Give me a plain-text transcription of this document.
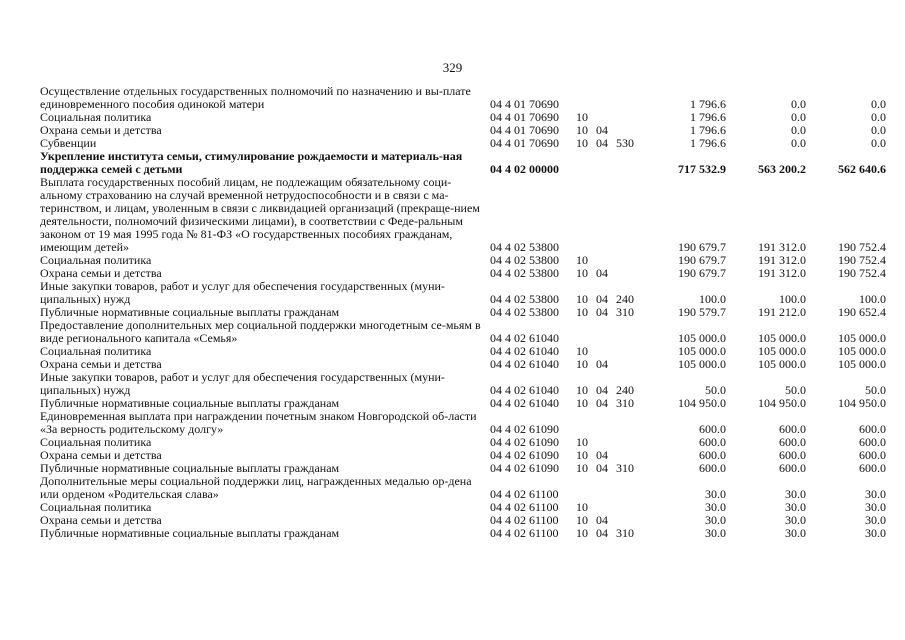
329
Осуществление отдельных государственных полномочий по назначению и вы-плате единовременного пособия одинокой матери	04 4 01 70690				1 796.6	0.0	0.0
Социальная политика	04 4 01 70690	10			1 796.6	0.0	0.0
Охрана семьи и детства	04 4 01 70690	10	04		1 796.6	0.0	0.0
Субвенции	04 4 01 70690	10	04	530	1 796.6	0.0	0.0
Укрепление института семьи, стимулирование рождаемости и материаль-ная поддержка семей с детьми	04 4 02 00000				717 532.9	563 200.2	562 640.6
Выплата государственных пособий лицам, не подлежащим обязательному соци-альному страхованию на случай временной нетрудоспособности и в связи с ма-теринством, и лицам, уволенным в связи с ликвидацией организаций (прекраще-нием деятельности, полномочий физическими лицами), в соответствии с Феде-ральным законом от 19 мая 1995 года № 81-ФЗ «О государственных пособиях гражданам, имеющим детей»	04 4 02 53800				190 679.7	191 312.0	190 752.4
Социальная политика	04 4 02 53800	10			190 679.7	191 312.0	190 752.4
Охрана семьи и детства	04 4 02 53800	10	04		190 679.7	191 312.0	190 752.4
Иные закупки товаров, работ и услуг для обеспечения государственных (муни-ципальных) нужд	04 4 02 53800	10	04	240	100.0	100.0	100.0
Публичные нормативные социальные выплаты гражданам	04 4 02 53800	10	04	310	190 579.7	191 212.0	190 652.4
Предоставление дополнительных мер социальной поддержки многодетным се-мьям в виде регионального капитала «Семья»	04 4 02 61040				105 000.0	105 000.0	105 000.0
Социальная политика	04 4 02 61040	10			105 000.0	105 000.0	105 000.0
Охрана семьи и детства	04 4 02 61040	10	04		105 000.0	105 000.0	105 000.0
Иные закупки товаров, работ и услуг для обеспечения государственных (муни-ципальных) нужд	04 4 02 61040	10	04	240	50.0	50.0	50.0
Публичные нормативные социальные выплаты гражданам	04 4 02 61040	10	04	310	104 950.0	104 950.0	104 950.0
Единовременная выплата при награждении почетным знаком Новгородской об-ласти «За верность родительскому долгу»	04 4 02 61090				600.0	600.0	600.0
Социальная политика	04 4 02 61090	10			600.0	600.0	600.0
Охрана семьи и детства	04 4 02 61090	10	04		600.0	600.0	600.0
Публичные нормативные социальные выплаты гражданам	04 4 02 61090	10	04	310	600.0	600.0	600.0
Дополнительные меры социальной поддержки лиц, награжденных медалью ор-дена или орденом «Родительская слава»	04 4 02 61100				30.0	30.0	30.0
Социальная политика	04 4 02 61100	10			30.0	30.0	30.0
Охрана семьи и детства	04 4 02 61100	10	04		30.0	30.0	30.0
Публичные нормативные социальные выплаты гражданам	04 4 02 61100	10	04	310	30.0	30.0	30.0
